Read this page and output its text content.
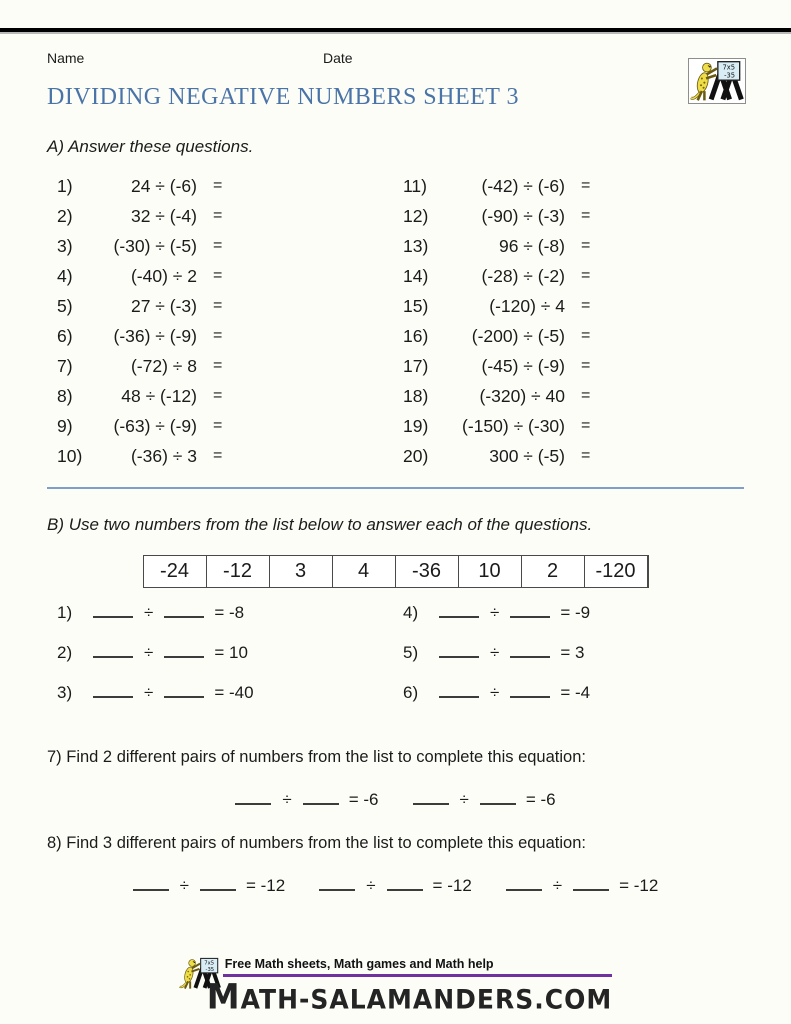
Name	Date
DIVIDING NEGATIVE NUMBERS SHEET 3

A) Answer these questions.

1)	24 ÷ (-6) =
2)	32 ÷ (-4) =
3)	(-30) ÷ (-5) =
4)	(-40) ÷ 2 =
5)	27 ÷ (-3) =
6)	(-36) ÷ (-9) =
7)	(-72) ÷ 8 =
8)	48 ÷ (-12) =
9)	(-63) ÷ (-9) =
10)	(-36) ÷ 3 =
11)	(-42) ÷ (-6) =
12)	(-90) ÷ (-3) =
13)	96 ÷ (-8) =
14)	(-28) ÷ (-2) =
15)	(-120) ÷ 4 =
16)	(-200) ÷ (-5) =
17)	(-45) ÷ (-9) =
18)	(-320) ÷ 40 =
19)	(-150) ÷ (-30) =
20)	300 ÷ (-5) =

B) Use two numbers from the list below to answer each of the questions.

-24	-12	3	4	-36	10	2	-120
1)	÷	= -8
2)	÷	= 10
3)	÷	= -40
4)	÷	= -9
5)	÷	= 3
6)	÷	= -4

7) Find 2 different pairs of numbers from the list to complete this equation:

÷	= -6	÷	= -6

8) Find 3 different pairs of numbers from the list to complete this equation:

÷	= -12	÷	= -12	÷	= -12
Free Math sheets, Math games and Math help
MATH-SALAMANDERS.COM
